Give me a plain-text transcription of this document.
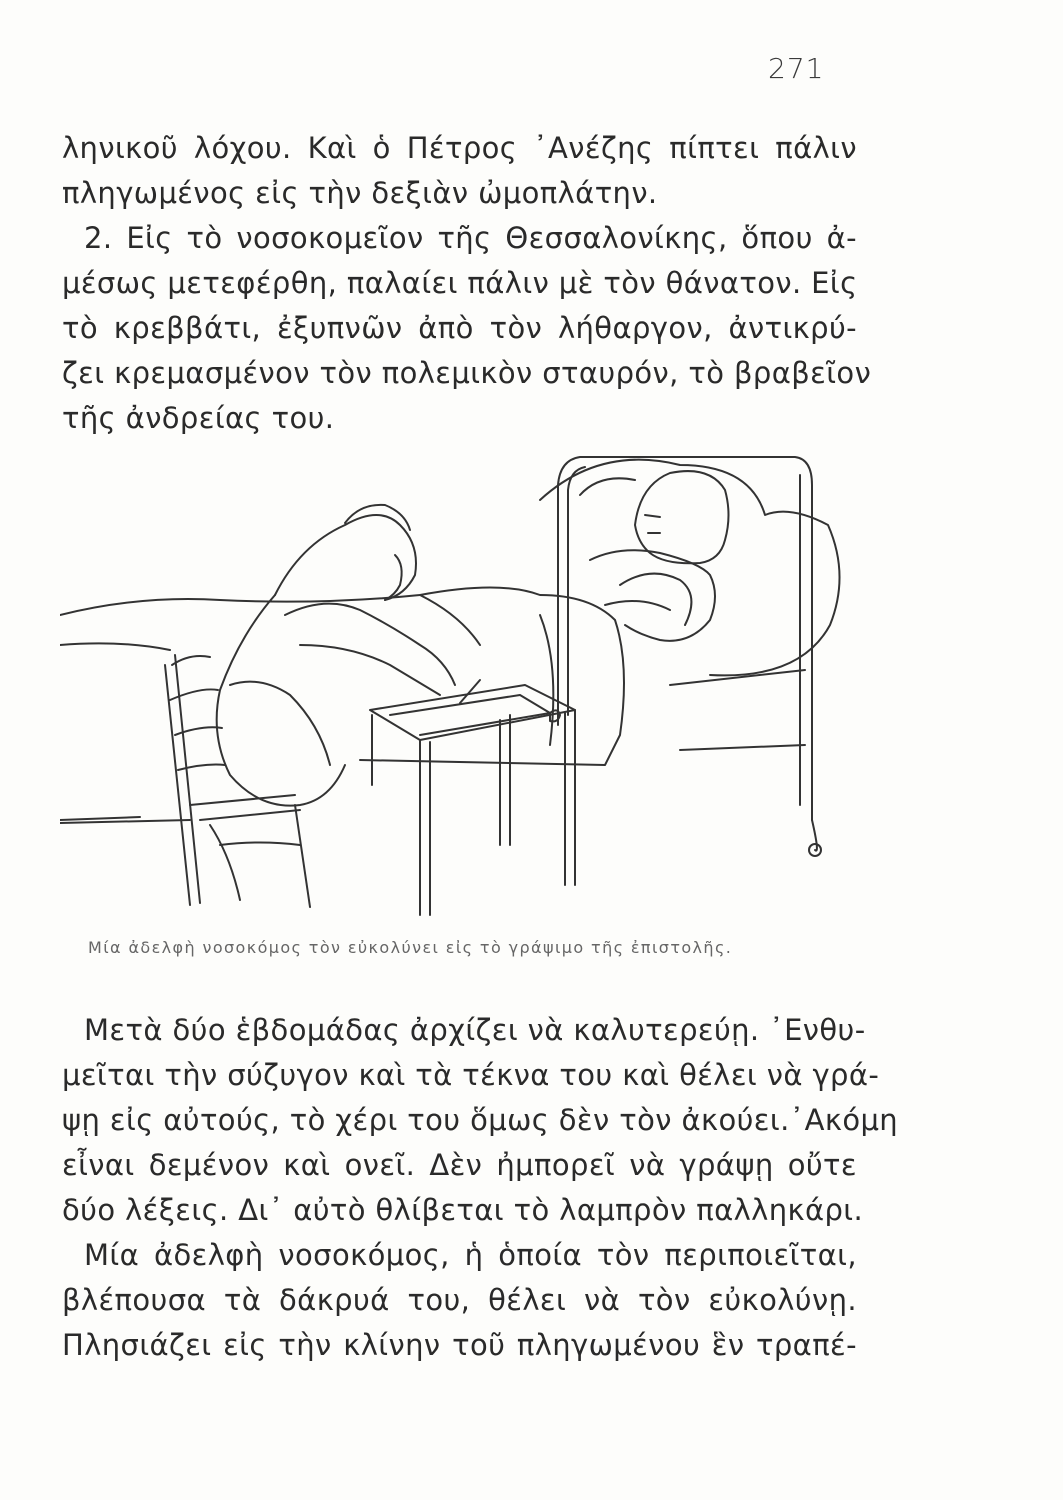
271
ληνικοῦ λόχου. Καὶ ὁ Πέτρος ᾿Ανέζης πίπτει πάλιν
πληγωμένος εἰς τὴν δεξιὰν ὠμοπλάτην.
2. Εἰς τὸ νοσοκομεῖον τῆς Θεσσαλονίκης, ὅπου ἀ-
μέσως μετεφέρθη, παλαίει πάλιν μὲ τὸν θάνατον. Εἰς
τὸ κρεββάτι, ἐξυπνῶν ἀπὸ τὸν λήθαργον, ἀντικρύ-
ζει κρεμασμένον τὸν πολεμικὸν σταυρόν, τὸ βραβεῖον
τῆς ἀνδρείας του.
Μία ἀδελφὴ νοσοκόμος τὸν εὐκολύνει εἰς τὸ γράψιμο τῆς ἐπιστολῆς.
Μετὰ δύο ἑβδομάδας ἀρχίζει νὰ καλυτερεύῃ. ᾿Ενθυ-
μεῖται τὴν σύζυγον καὶ τὰ τέκνα του καὶ θέλει νὰ γρά-
ψῃ εἰς αὐτούς, τὸ χέρι του ὅμως δὲν τὸν ἀκούει.᾿Ακόμη
εἶναι δεμένον καὶ ονεῖ. Δὲν ἠμπορεῖ νὰ γράψῃ οὔτε
δύο λέξεις. Δι᾿ αὐτὸ θλίβεται τὸ λαμπρὸν παλληκάρι.
Μία ἀδελφὴ νοσοκόμος, ἡ ὁποία τὸν περιποιεῖται,
βλέπουσα τὰ δάκρυά του, θέλει νὰ τὸν εὐκολύνῃ.
Πλησιάζει εἰς τὴν κλίνην τοῦ πληγωμένου ἓν τραπέ-
